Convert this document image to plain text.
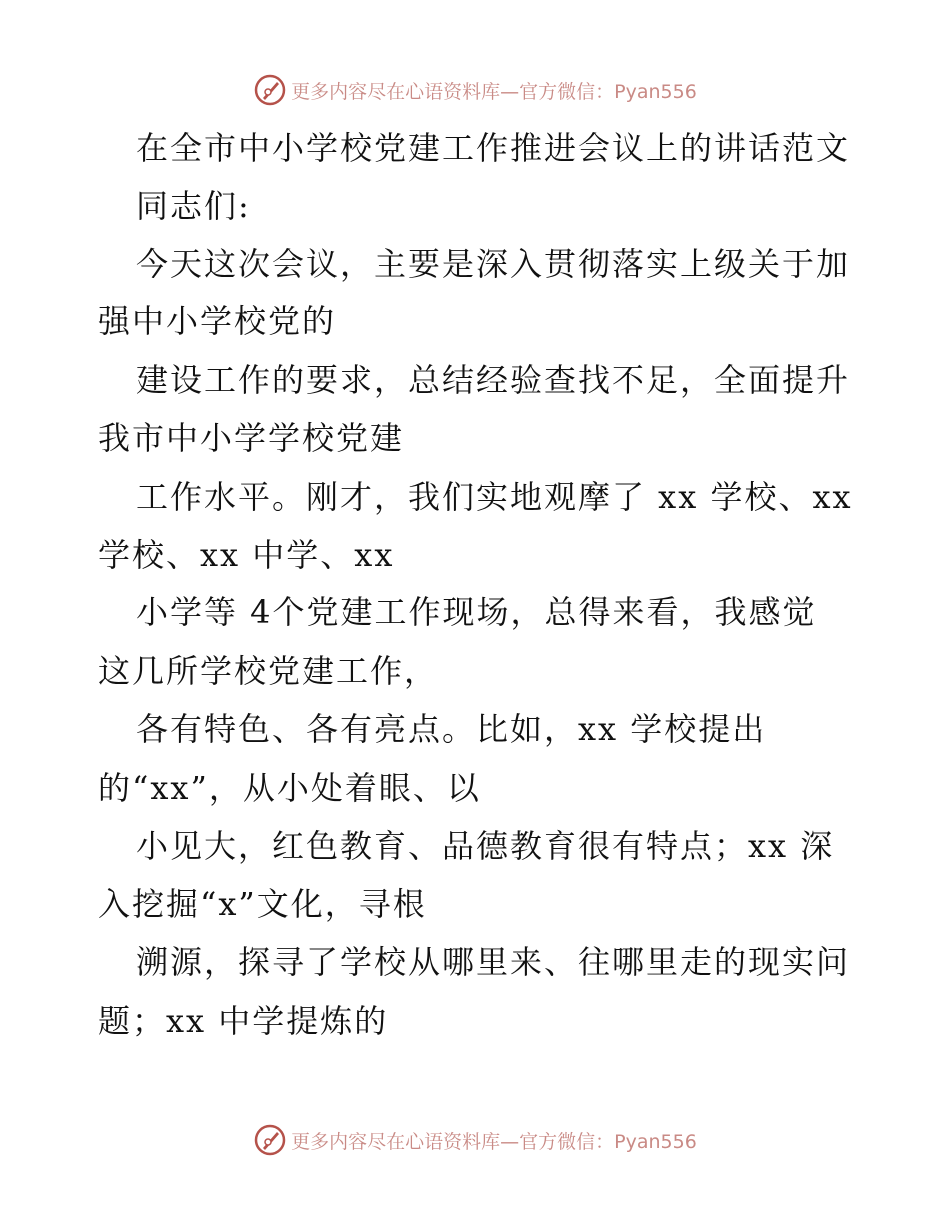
更多内容尽在心语资料库—官方微信：Pyan556
在全市中小学校党建工作推进会议上的讲话范文
同志们:
今天这次会议，主要是深入贯彻落实上级关于加
强中小学校党的
建设工作的要求，总结经验查找不足，全面提升
我市中小学学校党建
工作水平。刚才，我们实地观摩了 xx 学校、xx
学校、xx 中学、xx
小学等 4个党建工作现场，总得来看，我感觉
这几所学校党建工作，
各有特色、各有亮点。比如，xx 学校提出
的“xx”，从小处着眼、以
小见大，红色教育、品德教育很有特点；xx 深
入挖掘“x”文化，寻根
溯源，探寻了学校从哪里来、往哪里走的现实问
题；xx 中学提炼的
更多内容尽在心语资料库—官方微信：Pyan556
